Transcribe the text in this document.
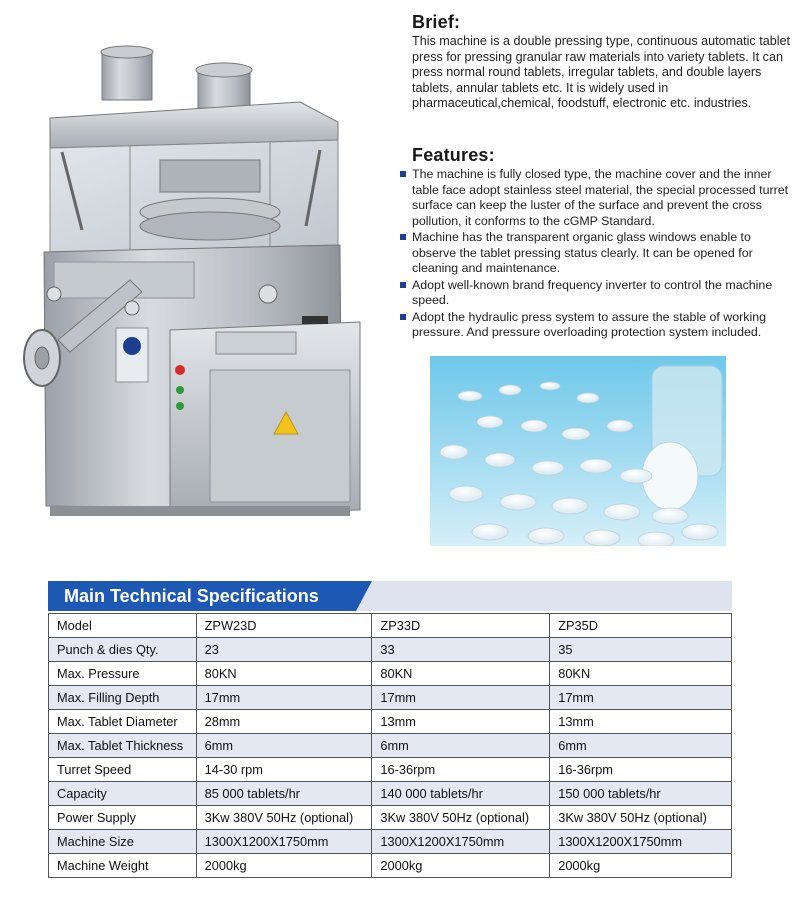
Brief:

This machine is a double pressing type, continuous automatic tablet press for pressing granular raw materials into variety tablets. It can press normal round tablets, irregular tablets, and double layers tablets, annular tablets etc. It is widely used in pharmaceutical,chemical, foodstuff, electronic etc. industries.

Features:
The machine is fully closed type, the machine cover and the inner table face adopt stainless steel material, the special processed turret surface can keep the luster of the surface and prevent the cross pollution, it conforms to the cGMP Standard.
Machine has the transparent organic glass windows enable to observe the tablet pressing status clearly. It can be opened for cleaning and maintenance.
Adopt well-known brand frequency inverter to control the machine speed.
Adopt the hydraulic press system to assure the stable of working pressure. And pressure overloading protection system included.
Main Technical Specifications
Model	ZPW23D	ZP33D	ZP35D
Punch & dies Qty.	23	33	35
Max. Pressure	80KN	80KN	80KN
Max. Filling Depth	17mm	17mm	17mm
Max. Tablet Diameter	28mm	13mm	13mm
Max. Tablet Thickness	6mm	6mm	6mm
Turret Speed	14-30 rpm	16-36rpm	16-36rpm
Capacity	85 000 tablets/hr	140 000 tablets/hr	150 000 tablets/hr
Power Supply	3Kw 380V 50Hz (optional)	3Kw 380V 50Hz (optional)	3Kw 380V 50Hz (optional)
Machine Size	1300X1200X1750mm	1300X1200X1750mm	1300X1200X1750mm
Machine Weight	2000kg	2000kg	2000kg
